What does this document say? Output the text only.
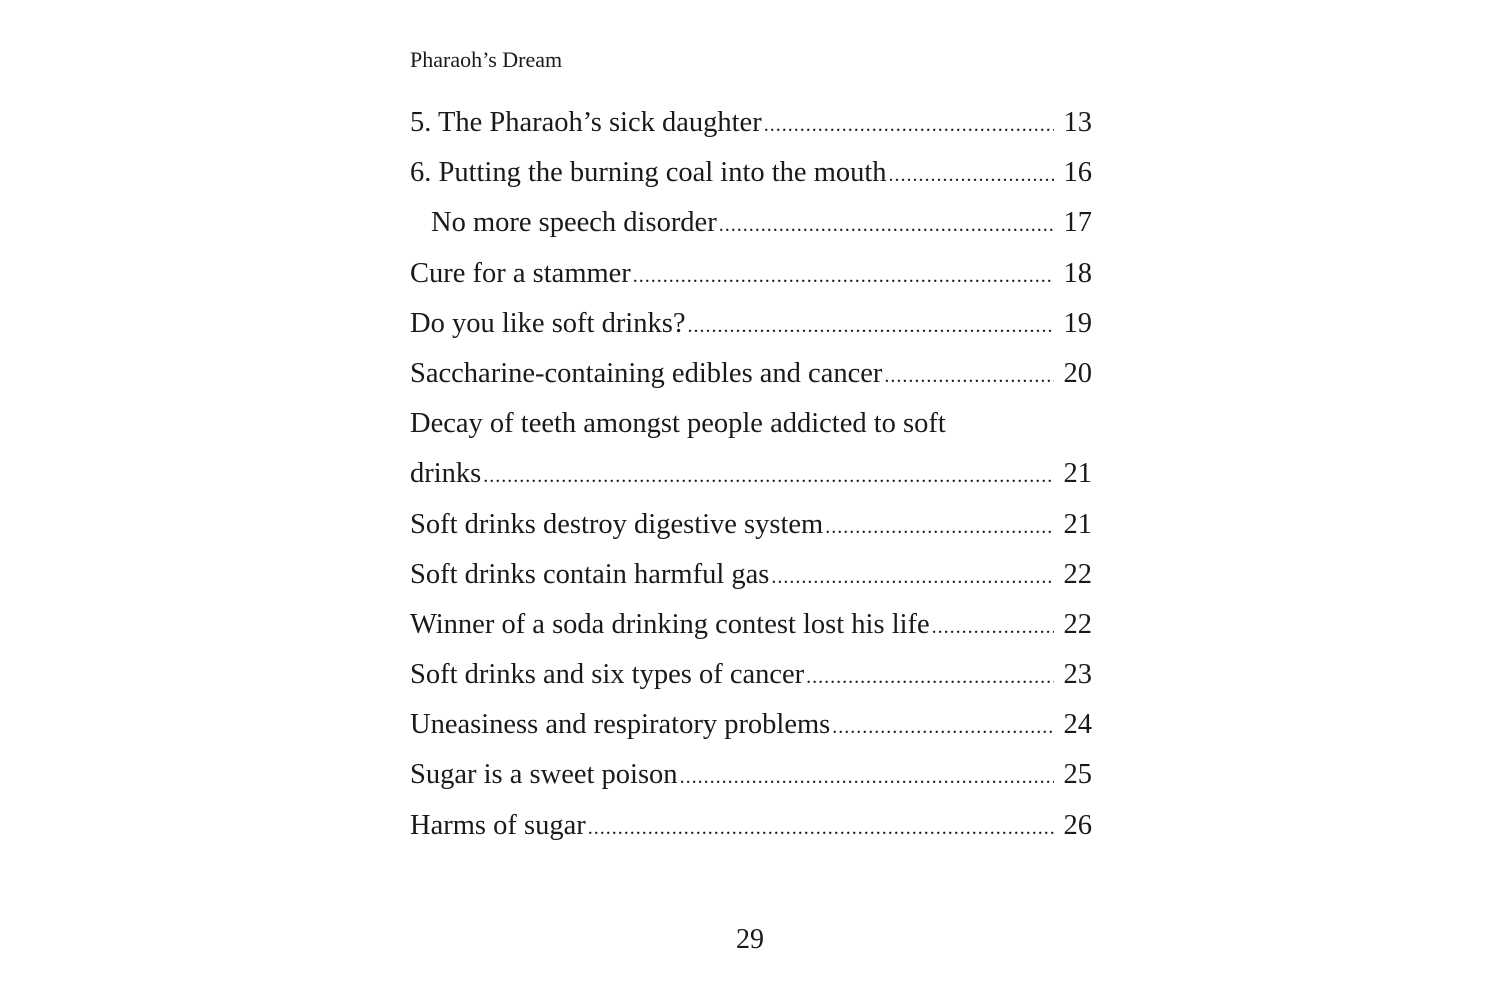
Pharaoh’s Dream
5. The Pharaoh’s sick daughter .....	13
6. Putting the burning coal into the mouth .....	16
No more speech disorder .....	17
Cure for a stammer .....	18
Do you like soft drinks? .....	19
Saccharine-containing edibles and cancer .....	20
Decay of teeth amongst people addicted to soft
drinks .....	21
Soft drinks destroy digestive system .....	21
Soft drinks contain harmful gas .....	22
Winner of a soda drinking contest lost his life .....	22
Soft drinks and six types of cancer .....	23
Uneasiness and respiratory problems .....	24
Sugar is a sweet poison .....	25
Harms of sugar .....	26
29
